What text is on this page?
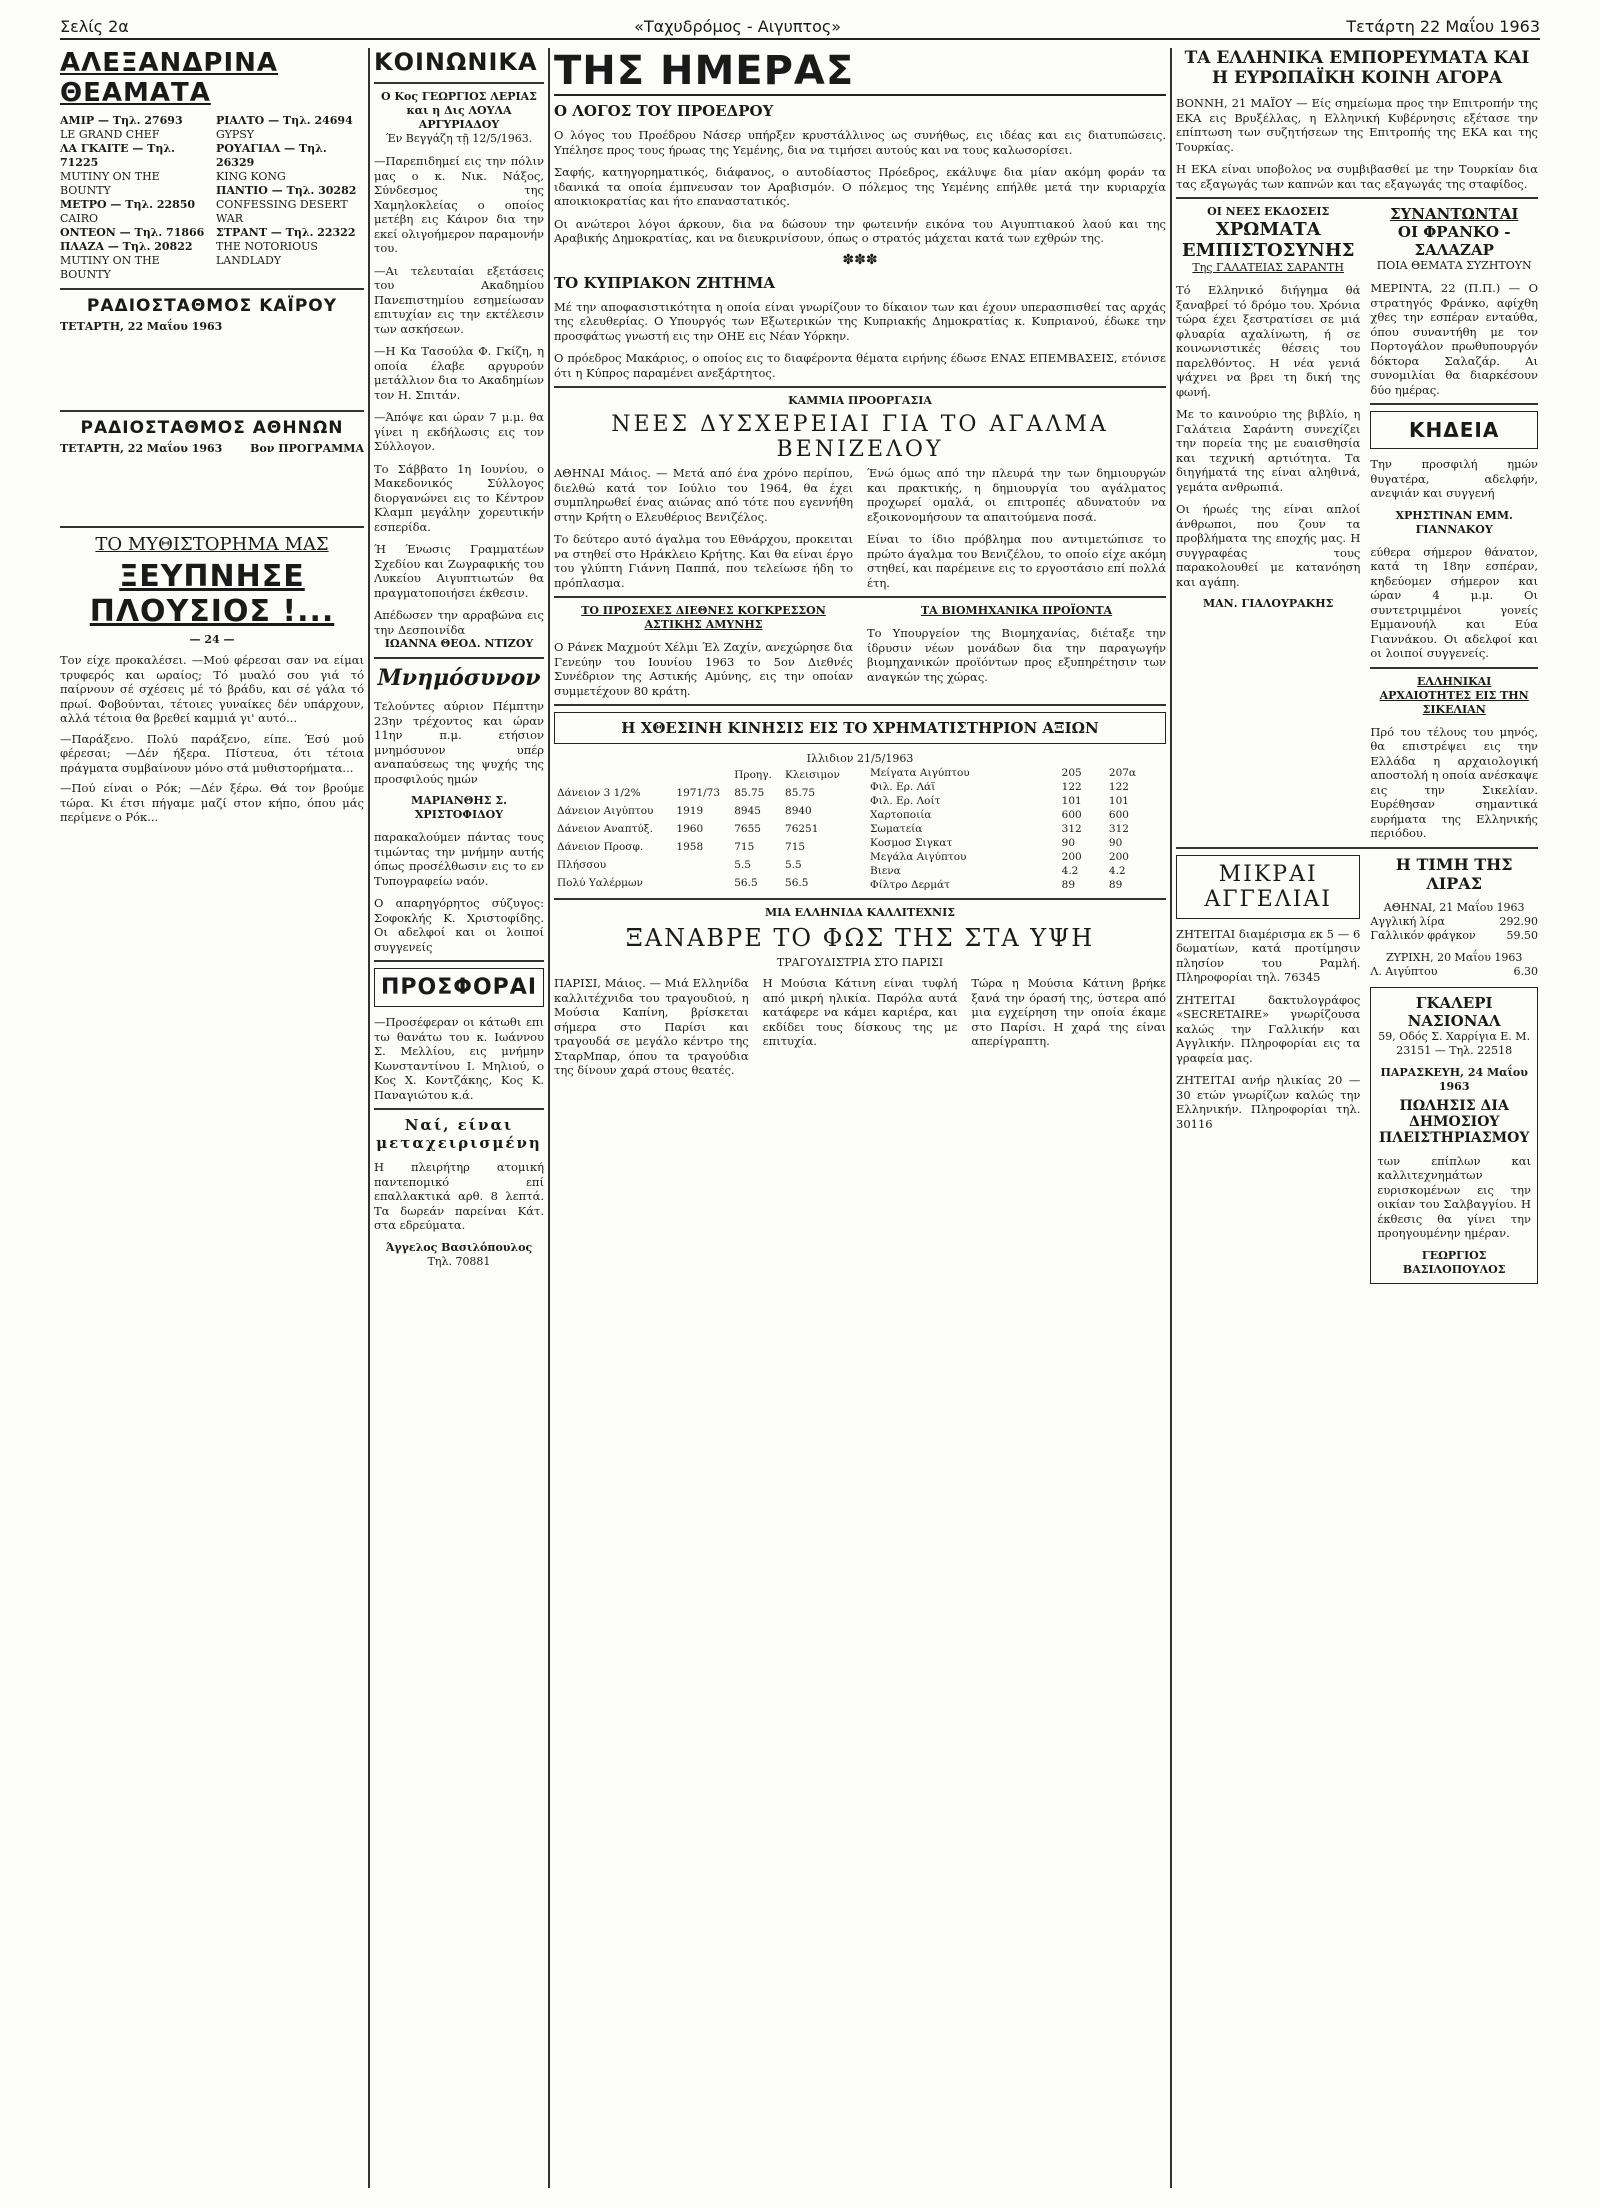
Σελίς 2α	«Ταχυδρόμος - Αιγυπτος»	Τετάρτη 22 Μαΐου 1963
ΑΛΕΞΑΝΔΡΙΝΑ ΘΕΑΜΑΤΑ
ΑΜΙΡ — Τηλ. 27693
LE GRAND CHEF
ΛΑ ΓΚΑΙΤΕ — Τηλ. 71225
MUTINY ON THE BOUNTY
ΜΕΤΡΟ — Τηλ. 22850
CAIRO
ΟΝΤΕΟΝ — Τηλ. 71866
ΠΛΑΖΑ — Τηλ. 20822
MUTINY ON THE BOUNTY
ΡΙΑΛΤΟ — Τηλ. 24694
GYPSY
ΡΟΥΑΓΙΑΛ — Τηλ. 26329
KING KONG
ΠΑΝΤΙΟ — Τηλ. 30282
CONFESSING DESERT WAR
ΣΤΡΑΝΤ — Τηλ. 22322
THE NOTORIOUS LANDLADY
ΡΑΔΙΟΣΤΑΘΜΟΣ ΚΑΪΡΟΥ
ΤΕΤΑΡΤΗ, 22 Μαΐου 1963
ΡΑΔΙΟΣΤΑΘΜΟΣ ΑΘΗΝΩΝ
ΤΕΤΑΡΤΗ, 22 Μαΐου 1963	Βον ΠΡΟΓΡΑΜΜΑ
ΤΟ ΜΥΘΙΣΤΟΡΗΜΑ ΜΑΣ
ΞΕΥΠΝΗΣΕ ΠΛΟΥΣΙΟΣ !...
— 24 —
Τον είχε προκαλέσει. —Μού φέρεσαι σαν να είμαι τρυφερός και ωραίος; Τό μυαλό σου γιά τό παίρνουν σέ σχέσεις μέ τό βράδυ, και σέ γάλα τό πρωί. Φοβούνται, τέτοιες γυναίκες δέν υπάρχουν, αλλά τέτοια θα βρεθεί καμμιά γι' αυτό...
—Παράξενο. Πολύ παράξενο, είπε. Έσύ μού φέρεσαι; —Δέν ήξερα. Πίστευα, ότι τέτοια πράγματα συμβαίνουν μόνο στά μυθιστορήματα...
—Πού είναι ο Ρόκ; —Δέν ξέρω. Θά τον βρούμε τώρα. Κι έτσι πήγαμε μαζί στον κήπο, όπου μάς περίμενε ο Ρόκ...
ΚΟΙΝΩΝΙΚΑ
Ο Κος ΓΕΩΡΓΙΟΣ ΛΕΡΙΑΣ και η Δις ΛΟΥΛΑ ΑΡΓΥΡΙΑΔΟΥ
Έν Βεγγάζη τῇ 12/5/1963.
—Παρεπιδημεί εις την πόλιν μας ο κ. Νικ. Νάξος, Σύνδεσμος της Χαμηλοκλείας ο οποίος μετέβη εις Κάιρον δια την εκεί ολιγοήμερον παραμονήν του.
—Αι τελευταίαι εξετάσεις του Ακαδημίου Πανεπιστημίου εσημείωσαν επιτυχίαν εις την εκτέλεσιν των ασκήσεων.
—Η Κα Τασούλα Φ. Γκίζη, η οποία έλαβε αργυρούν μετάλλιον δια το Ακαδημίων τον Η. Σπιτάν.
—Άπόψε και ώραν 7 μ.μ. θα γίνει η εκδήλωσις εις τον Σύλλογον.
Το Σάββατο 1η Ιουνίου, ο Μακεδονικός Σύλλογος διοργανώνει εις το Κέντρον Κλαμπ μεγάλην χορευτικήν εσπερίδα.
Ή Ένωσις Γραμματέων Σχεδίου και Ζωγραφικής του Λυκείου Αιγυπτιωτών θα πραγματοποιήσει έκθεσιν.
Απέδωσεν την αρραβώνα εις την Δεσποινίδα
ΙΩΑΝΝΑ ΘΕΟΔ. ΝΤΙΖΟΥ
Μνημόσυνον
Τελούντες αύριον Πέμπτην 23ην τρέχοντος και ώραν 11ην π.μ. ετήσιον μνημόσυνον υπέρ αναπαύσεως της ψυχής της προσφιλούς ημών
ΜΑΡΙΑΝΘΗΣ Σ. ΧΡΙΣΤΟΦΙΔΟΥ
παρακαλούμεν πάντας τους τιμώντας την μνήμην αυτής όπως προσέλθωσιν εις το εν Τυπογραφείω ναόν.
Ο απαρηγόρητος σύζυγος: Σοφοκλής Κ. Χριστοφίδης. Οι αδελφοί και οι λοιποί συγγενείς
ΠΡΟΣΦΟΡΑΙ
—Προσέφεραν οι κάτωθι επι τω θανάτω του κ. Ιωάννου Σ. Μελλίου, εις μνήμην Κωνσταντίνου Ι. Μηλιού, ο Κος Χ. Κοντζάκης, Κος Κ. Παναγιώτου κ.ά.
Ναί, είναι μεταχειρισμένη
Η πλειρήτηρ ατομική παντεπομικό επί επαλλακτικά αρθ. 8 λεπτά. Τα δωρεάν παρείναι Κάτ. στα εδρεύματα.
Άγγελος Βασιλόπουλος
Τηλ. 70881
ΤΗΣ ΗΜΕΡΑΣ
Ο ΛΟΓΟΣ ΤΟΥ ΠΡΟΕΔΡΟΥ
Ο λόγος του Προέδρου Νάσερ υπήρξεν κρυστάλλινος ως συνήθως, εις ιδέας και εις διατυπώσεις. Υπέλησε προς τους ήρωας της Υεμένης, δια να τιμήσει αυτούς και να τους καλωσορίσει.
Σαφής, κατηγορηματικός, διάφανος, ο αυτοδίαστος Πρόεδρος, εκάλυψε δια μίαν ακόμη φοράν τα ιδανικά τα οποία έμπνευσαν τον Αραβισμόν. Ο πόλεμος της Υεμένης επήλθε μετά την κυριαρχία αποικιοκρατίας και ήτο επαναστατικός.
Οι ανώτεροι λόγοι άρκουν, δια να δώσουν την φωτεινήν εικόνα του Αιγυπτιακού λαού και της Αραβικής Δημοκρατίας, και να διευκρινίσουν, όπως ο στρατός μάχεται κατά των εχθρών της.
✽✽✽
ΤΟ ΚΥΠΡΙΑΚΟΝ ΖΗΤΗΜΑ
Μέ την αποφασιστικότητα η οποία είναι γνωρίζουν το δίκαιον των και έχουν υπερασπισθεί τας αρχάς της ελευθερίας. Ο Υπουργός των Εξωτερικών της Κυπριακής Δημοκρατίας κ. Κυπριανού, έδωκε την προσφάτως γνωστή εις την ΟΗΕ εις Νέαν Υόρκην.
Ο πρόεδρος Μακάριος, ο οποίος εις το διαφέροντα θέματα ειρήνης έδωσε ΕΝΑΣ ΕΠΕΜΒΑΣΕΙΣ, ετόνισε ότι η Κύπρος παραμένει ανεξάρτητος.
ΚΑΜΜΙΑ ΠΡΟΟΡΓΑΣΙΑ
ΝΕΕΣ ΔΥΣΧΕΡΕΙΑΙ ΓΙΑ ΤΟ ΑΓΑΛΜΑ ΒΕΝΙΖΕΛΟΥ
ΑΘΗΝΑΙ Μάιος. — Μετά από ένα χρόνο περίπου, διελθώ κατά τον Ιούλιο του 1964, θα έχει συμπληρωθεί ένας αιώνας από τότε που εγεννήθη στην Κρήτη ο Ελευθέριος Βενιζέλος.
Το δεύτερο αυτό άγαλμα του Εθνάρχου, προκειται να στηθεί στο Ηράκλειο Κρήτης. Και θα είναι έργο του γλύπτη Γιάννη Παππά, που τελείωσε ήδη το πρόπλασμα.
Ένώ όμως από την πλευρά την των δημιουργών και πρακτικής, η δημιουργία του αγάλματος προχωρεί ομαλά, οι επιτροπές αδυνατούν να εξοικονομήσουν τα απαιτούμενα ποσά.
Είναι το ίδιο πρόβλημα που αντιμετώπισε το πρώτο άγαλμα του Βενιζέλου, το οποίο είχε ακόμη στηθεί, και παρέμεινε εις το εργοστάσιο επί πολλά έτη.
ΤΟ ΠΡΟΣΕΧΕΣ ΔΙΕΘΝΕΣ ΚΟΓΚΡΕΣΣΟΝ ΑΣΤΙΚΗΣ ΑΜΥΝΗΣ
Ο Ράνεκ Μαχμούτ Χέλμι Έλ Ζαχίν, ανεχώρησε δια Γενεύην του Ιουνίου 1963 το 5ον Διεθνές Συνέδριον της Αστικής Αμύνης, εις την οποίαν συμμετέχουν 80 κράτη.
ΤΑ ΒΙΟΜΗΧΑΝΙΚΑ ΠΡΟΪΟΝΤΑ
Το Υπουργείον της Βιομηχανίας, διέταξε την ίδρυσιν νέων μονάδων δια την παραγωγήν βιομηχανικών προϊόντων προς εξυπηρέτησιν των αναγκών της χώρας.
Η ΧΘΕΣΙΝΗ ΚΙΝΗΣΙΣ ΕΙΣ ΤΟ ΧΡΗΜΑΤΙΣΤΗΡΙΟΝ ΑΞΙΩΝ
Ιλλιδιον 21/5/1963
		Προηγ.	Κλεισιμον
Δάνειον 3 1/2%	1971/73	85.75	85.75
Δάνειον Αιγύπτου	1919	8945	8940
Δάνειον Αναπτύξ.	1960	7655	76251
Δάνειον Προσφ.	1958	715	715
Πλήσσου		5.5	5.5
Πολύ Υαλέρμων		56.5	56.5
Μείγατα Αιγύπτου	205	207α
Φιλ. Ερ. Λάϊ	122	122
Φιλ. Ερ. Λοίτ	101	101
Χαρτοποιία	600	600
Σωματεία	312	312
Κοσμοσ Σιγκατ	90	90
Μεγάλα Αιγύπτου	200	200
Βιενα	4.2	4.2
Φίλτρο Δερμάτ	89	89
ΜΙΑ ΕΛΛΗΝΙΔΑ ΚΑΛΛΙΤΕΧΝΙΣ
ΞΑΝΑΒΡΕ ΤΟ ΦΩΣ ΤΗΣ ΣΤΑ ΥΨΗ
ΤΡΑΓΟΥΔΙΣΤΡΙΑ ΣΤΟ ΠΑΡΙΣΙ
ΠΑΡΙΣΙ, Μάιος. — Μιά Ελληνίδα καλλιτέχνιδα του τραγουδιού, η Μούσια Καπίνη, βρίσκεται σήμερα στο Παρίσι και τραγουδά σε μεγάλο κέντρο της ΣταρΜπαρ, όπου τα τραγούδια της δίνουν χαρά στους θεατές.
Η Μούσια Κάτινη είναι τυφλή από μικρή ηλικία. Παρόλα αυτά κατάφερε να κάμει καριέρα, και εκδίδει τους δίσκους της με επιτυχία.
Τώρα η Μούσια Κάτινη βρήκε ξανά την όρασή της, ύστερα από μια εγχείρηση την οποία έκαμε στο Παρίσι. Η χαρά της είναι απερίγραπτη.
ΤΑ ΕΛΛΗΝΙΚΑ ΕΜΠΟΡΕΥΜΑΤΑ ΚΑΙ Η ΕΥΡΩΠΑΪΚΗ ΚΟΙΝΗ ΑΓΟΡΑ
ΒΟΝΝΗ, 21 ΜΑΪΟΥ — Είς σημείωμα προς την Επιτροπήν της ΕΚΑ εις Βρυξέλλας, η Ελληνική Κυβέρνησις εξέτασε την επίπτωση των συζητήσεων της Επιτροπής της ΕΚΑ και της Τουρκίας.
Η ΕΚΑ είναι υποβολος να συμβιβασθεί με την Τουρκίαν δια τας εξαγωγάς των καπνών και τας εξαγωγάς της σταφίδος.
ΟΙ ΝΕΕΣ ΕΚΔΟΣΕΙΣ
ΧΡΩΜΑΤΑ ΕΜΠΙΣΤΟΣΥΝΗΣ
Της ΓΑΛΑΤΕΙΑΣ ΣΑΡΑΝΤΗ
Τό Ελληνικό διήγημα θά ξαναβρεί τό δρόμο του. Χρόνια τώρα έχει ξεστρατίσει σε μιά φλυαρία αχαλίνωτη, ή σε κοινωνιστικές θέσεις του παρελθόντος. Η νέα γενιά ψάχνει να βρει τη δική της φωνή.
Με το καινούριο της βιβλίο, η Γαλάτεια Σαράντη συνεχίζει την πορεία της με ευαισθησία και τεχνική αρτιότητα. Τα διηγήματά της είναι αληθινά, γεμάτα ανθρωπιά.
Οι ήρωές της είναι απλοί άνθρωποι, που ζουν τα προβλήματα της εποχής μας. Η συγγραφέας τους παρακολουθεί με κατανόηση και αγάπη.
ΜΑΝ. ΓΙΑΛΟΥΡΑΚΗΣ
ΣΥΝΑΝΤΩΝΤΑΙ
ΟΙ ΦΡΑΝΚΟ - ΣΑΛΑΖΑΡ
ΠΟΙΑ ΘΕΜΑΤΑ ΣΥΖΗΤΟΥΝ
ΜΕΡΙΝΤΑ, 22 (Π.Π.) — Ο στρατηγός Φράνκο, αφίχθη χθες την εσπέραν ενταύθα, όπου συναντήθη με τον Πορτογάλον πρωθυπουργόν δόκτορα Σαλαζάρ. Αι συνομιλίαι θα διαρκέσουν δύο ημέρας.
ΚΗΔΕΙΑ
Την προσφιλή ημών θυγατέρα, αδελφήν, ανεψιάν και συγγενή
ΧΡΗΣΤΙΝΑΝ ΕΜΜ. ΓΙΑΝΝΑΚΟΥ
εύθερα σήμερον θάνατον, κατά τη 18ην εσπέραν, κηδεύομεν σήμερον και ώραν 4 μ.μ. Οι συντετριμμένοι γονείς Εμμανουήλ και Εύα Γιαννάκου. Οι αδελφοί και οι λοιποί συγγενείς.
ΕΛΛΗΝΙΚΑΙ ΑΡΧΑΙΟΤΗΤΕΣ ΕΙΣ ΤΗΝ ΣΙΚΕΛΙΑΝ
Πρό του τέλους του μηνός, θα επιστρέψει εις την Ελλάδα η αρχαιολογική αποστολή η οποία ανέσκαψε εις την Σικελίαν. Ευρέθησαν σημαντικά ευρήματα της Ελληνικής περιόδου.
ΜΙΚΡΑΙ ΑΓΓΕΛΙΑΙ
ΖΗΤΕΙΤΑΙ διαμέρισμα εκ 5 — 6 δωματίων, κατά προτίμησιν πλησίον του Ραμλή. Πληροφορίαι τηλ. 76345
ΖΗΤΕΙΤΑΙ δακτυλογράφος «SECRETAIRE» γνωρίζουσα καλώς την Γαλλικήν και Αγγλικήν. Πληροφορίαι εις τα γραφεία μας.
ΖΗΤΕΙΤΑΙ ανήρ ηλικίας 20 — 30 ετών γνωρίζων καλώς την Ελληνικήν. Πληροφορίαι τηλ. 30116
Η ΤΙΜΗ ΤΗΣ ΛΙΡΑΣ
ΑΘΗΝΑΙ, 21 Μαΐου 1963
Αγγλική λίρα	292.90
Γαλλικόν φράγκον	59.50
ΖΥΡΙΧΗ, 20 Μαΐου 1963
Λ. Αιγύπτου	6.30
ΓΚΑΛΕΡΙ ΝΑΣΙΟΝΑΛ
59, Οδός Σ. Χαρρίγια Ε. Μ. 23151 — Τηλ. 22518
ΠΑΡΑΣΚΕΥΗ, 24 Μαΐου 1963
ΠΩΛΗΣΙΣ ΔΙΑ ΔΗΜΟΣΙΟΥ ΠΛΕΙΣΤΗΡΙΑΣΜΟΥ
των επίπλων και καλλιτεχνημάτων ευρισκομένων εις την οικίαν του Σαλβαγγίου. Η έκθεσις θα γίνει την προηγουμένην ημέραν.
ΓΕΩΡΓΙΟΣ ΒΑΣΙΛΟΠΟΥΛΟΣ
